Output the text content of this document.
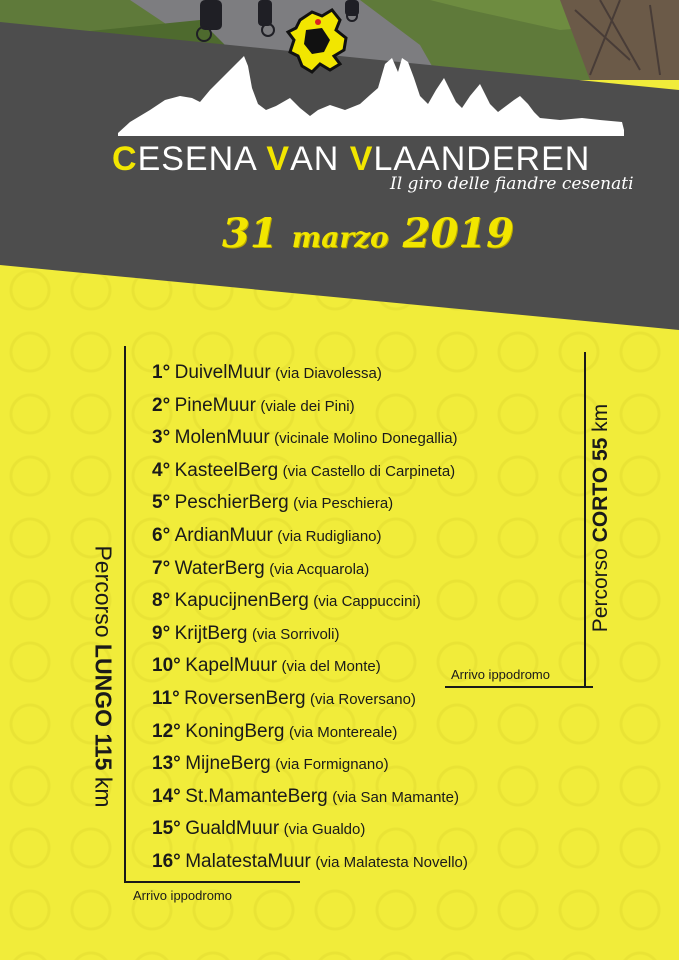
CESENA VAN VLAANDEREN
Il giro delle fiandre cesenati
31 marzo 2019
Arrivo ippodromo
Arrivo ippodromo
Percorso LUNGO 115 km
Percorso CORTO 55 km
1° DuivelMuur (via Diavolessa)
2° PineMuur (viale dei Pini)
3° MolenMuur (vicinale Molino Donegallia)
4° KasteelBerg (via Castello di Carpineta)
5° PeschierBerg (via Peschiera)
6° ArdianMuur (via Rudigliano)
7° WaterBerg (via Acquarola)
8° KapucijnenBerg (via Cappuccini)
9° KrijtBerg (via Sorrivoli)
10° KapelMuur (via del Monte)
11° RoversenBerg (via Roversano)
12° KoningBerg (via Montereale)
13° MijneBerg (via Formignano)
14° St.MamanteBerg (via San Mamante)
15° GualdMuur (via Gualdo)
16° MalatestaMuur (via Malatesta Novello)
